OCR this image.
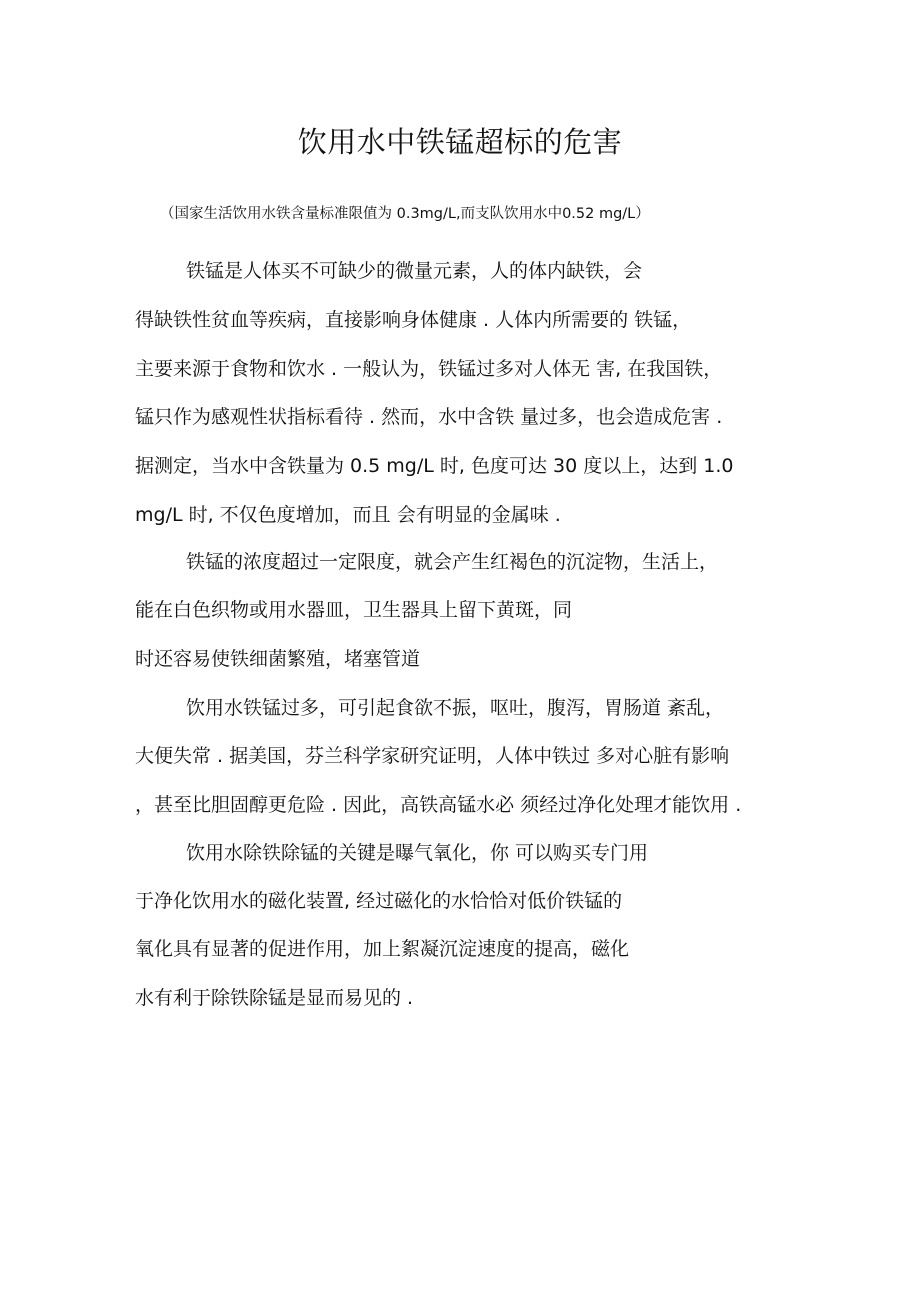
饮用水中铁锰超标的危害
（国家生活饮用水铁含量标准限值为 0.3mg/L,而支队饮用水中0.52 mg/L）
铁锰是人体买不可缺少的微量元素，人的体内缺铁，会
得缺铁性贫血等疾病，直接影响身体健康 . 人体内所需要的 铁锰，
主要来源于食物和饮水 . 一般认为，铁锰过多对人体无 害, 在我国铁，
锰只作为感观性状指标看待 . 然而，水中含铁 量过多，也会造成危害 .
据测定，当水中含铁量为 0.5 mg/L 时, 色度可达 30 度以上，达到 1.0
mg/L 时, 不仅色度增加，而且 会有明显的金属味 .
铁锰的浓度超过一定限度，就会产生红褐色的沉淀物，生活上，
能在白色织物或用水器皿，卫生器具上留下黄斑，同
时还容易使铁细菌繁殖，堵塞管道
饮用水铁锰过多，可引起食欲不振，呕吐，腹泻，胃肠道 紊乱，
大便失常 . 据美国，芬兰科学家研究证明，人体中铁过 多对心脏有影响
，甚至比胆固醇更危险 . 因此，高铁高锰水必 须经过净化处理才能饮用 .
饮用水除铁除锰的关键是曝气氧化，你 可以购买专门用
于净化饮用水的磁化装置, 经过磁化的水恰恰对低价铁锰的
氧化具有显著的促进作用，加上絮凝沉淀速度的提高，磁化
水有利于除铁除锰是显而易见的 .
